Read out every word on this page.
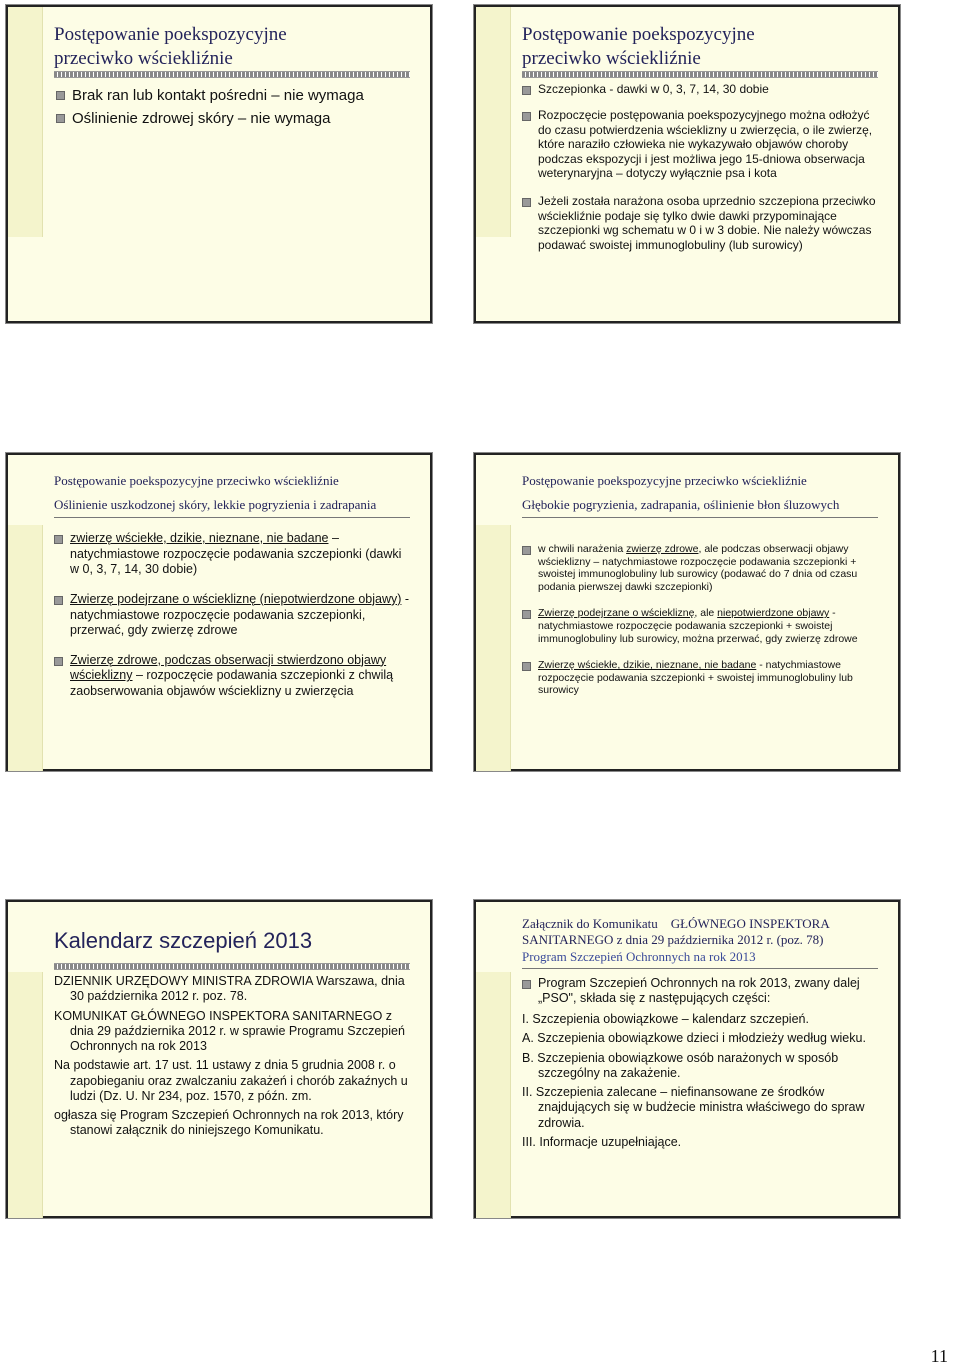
Postępowanie poekspozycyjne
przeciwko wściekliźnie
Brak ran lub kontakt pośredni – nie wymaga
Oślinienie zdrowej skóry – nie wymaga
Postępowanie poekspozycyjne
przeciwko wściekliźnie
Szczepionka - dawki w 0, 3, 7, 14, 30 dobie
Rozpoczęcie postępowania poekspozycyjnego można odłożyć do czasu potwierdzenia wścieklizny u zwierzęcia, o ile zwierzę, które naraziło człowieka nie wykazywało objawów choroby podczas ekspozycji i jest możliwa jego 15-dniowa obserwacja weterynaryjna – dotyczy wyłącznie psa i kota
Jeżeli została narażona osoba uprzednio szczepiona przeciwko wściekliźnie podaje się tylko dwie dawki przypominające szczepionki wg schematu w 0 i w 3 dobie. Nie należy wówczas podawać swoistej immunoglobuliny (lub surowicy)
Postępowanie poekspozycyjne przeciwko wściekliźnie
Oślinienie uszkodzonej skóry, lekkie pogryzienia i zadrapania
zwierzę wściekłe, dzikie, nieznane, nie badane – natychmiastowe rozpoczęcie podawania szczepionki (dawki w 0, 3, 7, 14, 30 dobie)
Zwierzę podejrzane o wściekliznę (niepotwierdzone objawy) - natychmiastowe rozpoczęcie podawania szczepionki, przerwać, gdy zwierzę zdrowe
Zwierzę zdrowe, podczas obserwacji stwierdzono objawy wścieklizny – rozpoczęcie podawania szczepionki z chwilą zaobserwowania objawów wścieklizny u zwierzęcia
Postępowanie poekspozycyjne przeciwko wściekliźnie
Głębokie pogryzienia, zadrapania, oślinienie błon śluzowych
w chwili narażenia zwierzę zdrowe, ale podczas obserwacji objawy wścieklizny – natychmiastowe rozpoczęcie podawania szczepionki + swoistej immunoglobuliny lub surowicy (podawać do 7 dnia od czasu podania pierwszej dawki szczepionki)
Zwierzę podejrzane o wściekliznę, ale niepotwierdzone objawy - natychmiastowe rozpoczęcie podawania szczepionki + swoistej immunoglobuliny lub surowicy, można przerwać, gdy zwierzę zdrowe
Zwierzę wściekłe, dzikie, nieznane, nie badane - natychmiastowe rozpoczęcie podawania szczepionki + swoistej immunoglobuliny lub surowicy
Kalendarz szczepień 2013
DZIENNIK URZĘDOWY MINISTRA ZDROWIA Warszawa, dnia 30 października 2012 r. poz. 78.
KOMUNIKAT GŁÓWNEGO INSPEKTORA SANITARNEGO z dnia 29 października 2012 r. w sprawie Programu Szczepień Ochronnych na rok 2013
Na podstawie art. 17 ust. 11 ustawy z dnia 5 grudnia 2008 r. o zapobieganiu oraz zwalczaniu zakażeń i chorób zakaźnych u ludzi (Dz. U. Nr 234, poz. 1570, z późn. zm.
ogłasza się Program Szczepień Ochronnych na rok 2013, który stanowi załącznik do niniejszego Komunikatu.
Załącznik do Komunikatu    GŁÓWNEGO INSPEKTORA
SANITARNEGO z dnia 29 października 2012 r. (poz. 78)
Program Szczepień Ochronnych na rok 2013
Program Szczepień Ochronnych na rok 2013, zwany dalej „PSO", składa się z następujących części:
I. Szczepienia obowiązkowe – kalendarz szczepień.
A. Szczepienia obowiązkowe dzieci i młodzieży według wieku.
B. Szczepienia obowiązkowe osób narażonych w sposób szczególny na zakażenie.
II. Szczepienia zalecane – niefinansowane ze środków znajdujących się w budżecie ministra właściwego do spraw zdrowia.
III. Informacje uzupełniające.
11
